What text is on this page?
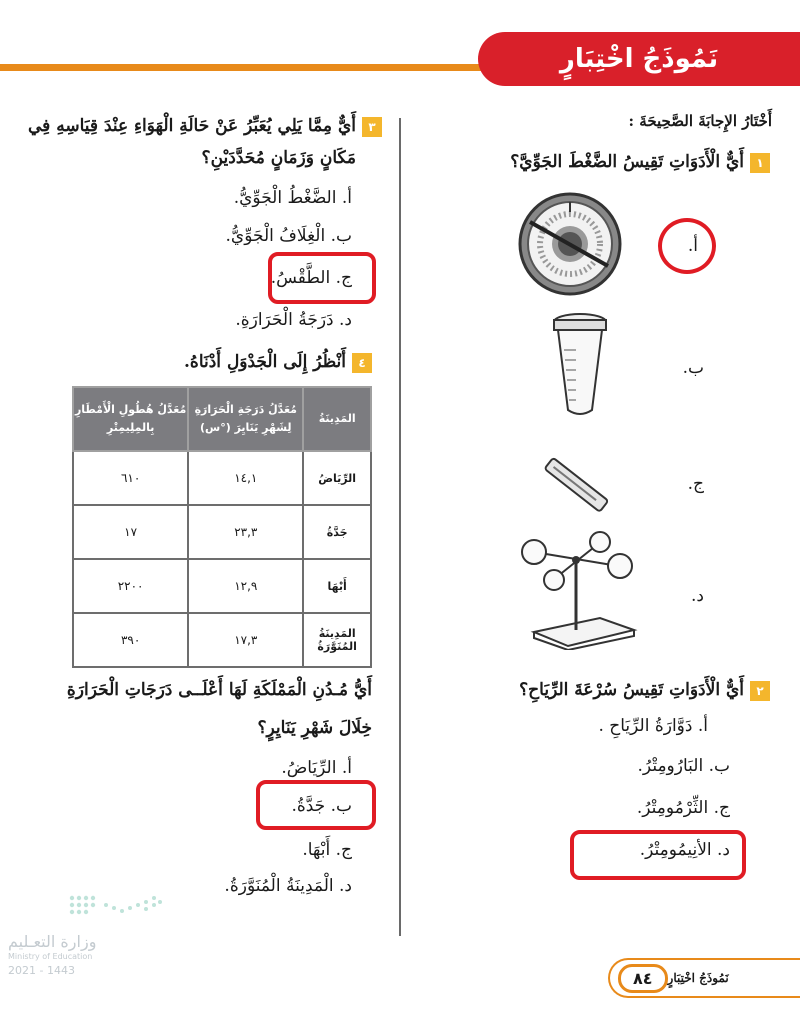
نَمُوذَجُ اخْتِبَارٍ
أَخْتَارُ الإِجابَةَ الصَّحِيحَةَ :
١أَيٌّ الْأَدَوَاتِ تَقِيسُ الضَّغْطَ الجَوِّيَّ؟
أ.
ب.
ج.
د.
٢أَيٌّ الْأَدَوَاتِ تَقِيسُ سُرْعَةَ الرِّيَاحِ؟
أ. دَوَّارَةُ الرِّيَاحِ .
ب. البَارُومِتْرُ.
ج. الثِّرْمُومِتْرُ.
د. الأنِيمُومِتْرُ.
٣أَيٌّ مِمَّا يَلِي يُعَبِّرُ عَنْ حَالَةِ الْهَوَاءِ عِنْدَ قِيَاسِهِ فِي
مَكَانٍ وَزَمَانٍ مُحَدَّدَيْنِ؟
أ. الضَّغْطُ الْجَوِّيُّ.
ب. الْغِلَافُ الْجَوِّيُّ.
ج. الطَّقْسُ.
د. دَرَجَةُ الْحَرَارَةِ.
٤أَنْظُرُ إِلَى الْجَدْوَلِ أَدْنَاهُ.
المَدِينَةُ	مُعَدَّلُ دَرَجَةِ الْحَرَارَةِ لِشَهْرِ يَنَايِرَ (°س)	مُعَدَّلُ هُطُولِ الْأَمْطَارِ بِالمِلِيمِتْرِ
الرِّيَاضُ	١٤,١	٦١٠
جَدَّةُ	٢٣,٣	١٧
أَبْهَا	١٢,٩	٢٢٠٠
المَدِينَةُ المُنَوَّرَةُ	١٧,٣	٣٩٠
أَيُّ مُـدُنِ الْمَمْلَكَةِ لَهَا أَعْلَــى دَرَجَاتِ الْحَرَارَةِ
خِلَالَ شَهْرِ يَنَايِرٍ؟
أ. الرِّيَاضُ.
ب. جَدَّةُ.
ج. أَبْهَا.
د. الْمَدِينَةُ الْمُنَوَّرَةُ.
وزارة التعـليم
Ministry of Education
2021 - 1443
نَمُوذَجُ اخْتِبَارٍ
٨٤
